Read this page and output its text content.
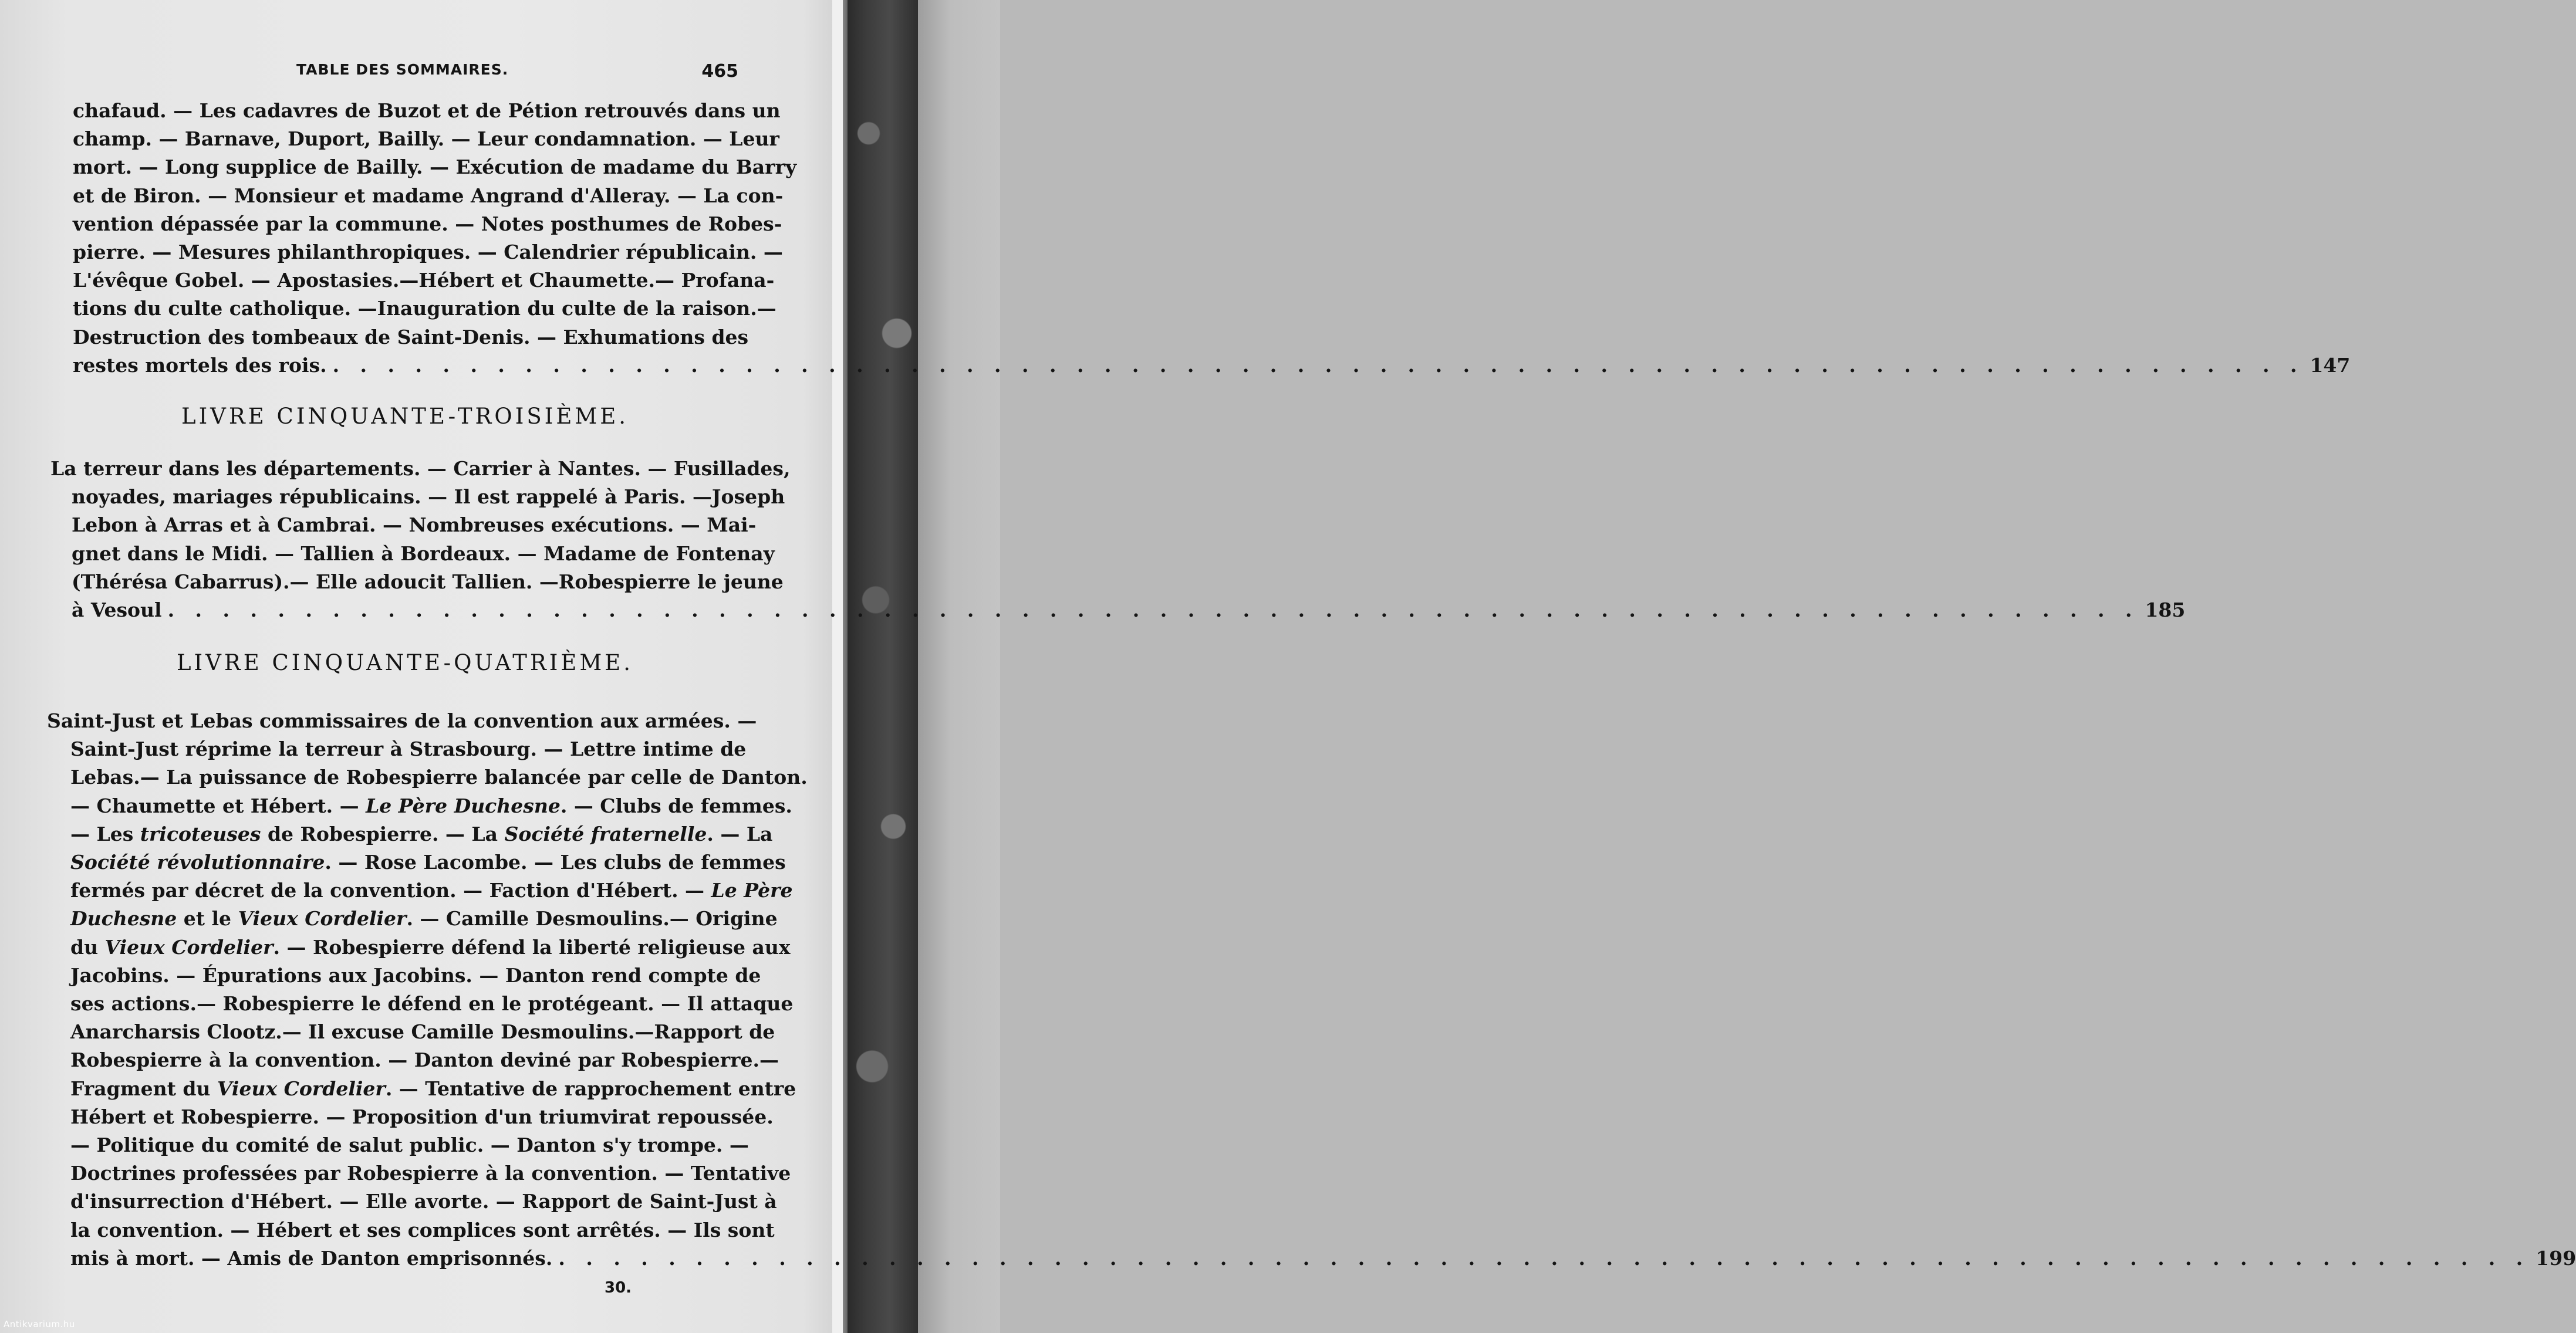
TABLE DES SOMMAIRES.	465
chafaud. — Les cadavres de Buzot et de Pétion retrouvés dans un
champ. — Barnave, Duport, Bailly. — Leur condamnation. — Leur
mort. — Long supplice de Bailly. — Exécution de madame du Barry
et de Biron. — Monsieur et madame Angrand d'Alleray. — La con-
vention dépassée par la commune. — Notes posthumes de Robes-
pierre. — Mesures philanthropiques. — Calendrier républicain. —
L'évêque Gobel. — Apostasies.—Hébert et Chaumette.— Profana-
tions du culte catholique. —Inauguration du culte de la raison.—
Destruction des tombeaux de Saint-Denis. — Exhumations des
restes mortels des rois. . . .	147
LIVRE CINQUANTE-TROISIÈME.
La terreur dans les départements. — Carrier à Nantes. — Fusillades,
noyades, mariages républicains. — Il est rappelé à Paris. —Joseph
Lebon à Arras et à Cambrai. — Nombreuses exécutions. — Mai-
gnet dans le Midi. — Tallien à Bordeaux. — Madame de Fontenay
(Thérésa Cabarrus).— Elle adoucit Tallien. —Robespierre le jeune
à Vesoul . . .	185
LIVRE CINQUANTE-QUATRIÈME.
Saint-Just et Lebas commissaires de la convention aux armées. —
Saint-Just réprime la terreur à Strasbourg. — Lettre intime de
Lebas.— La puissance de Robespierre balancée par celle de Danton.
— Chaumette et Hébert. — Le Père Duchesne. — Clubs de femmes.
— Les tricoteuses de Robespierre. — La Société fraternelle. — La
Société révolutionnaire. — Rose Lacombe. — Les clubs de femmes
fermés par décret de la convention. — Faction d'Hébert. — Le Père
Duchesne et le Vieux Cordelier. — Camille Desmoulins.— Origine
du Vieux Cordelier. — Robespierre défend la liberté religieuse aux
Jacobins. — Épurations aux Jacobins. — Danton rend compte de
ses actions.— Robespierre le défend en le protégeant. — Il attaque
Anarcharsis Clootz.— Il excuse Camille Desmoulins.—Rapport de
Robespierre à la convention. — Danton deviné par Robespierre.—
Fragment du Vieux Cordelier. — Tentative de rapprochement entre
Hébert et Robespierre. — Proposition d'un triumvirat repoussée.
— Politique du comité de salut public. — Danton s'y trompe. —
Doctrines professées par Robespierre à la convention. — Tentative
d'insurrection d'Hébert. — Elle avorte. — Rapport de Saint-Just à
la convention. — Hébert et ses complices sont arrêtés. — Ils sont
mis à mort. — Amis de Danton emprisonnés. . . .	199
30.
Antikvarium.hu
